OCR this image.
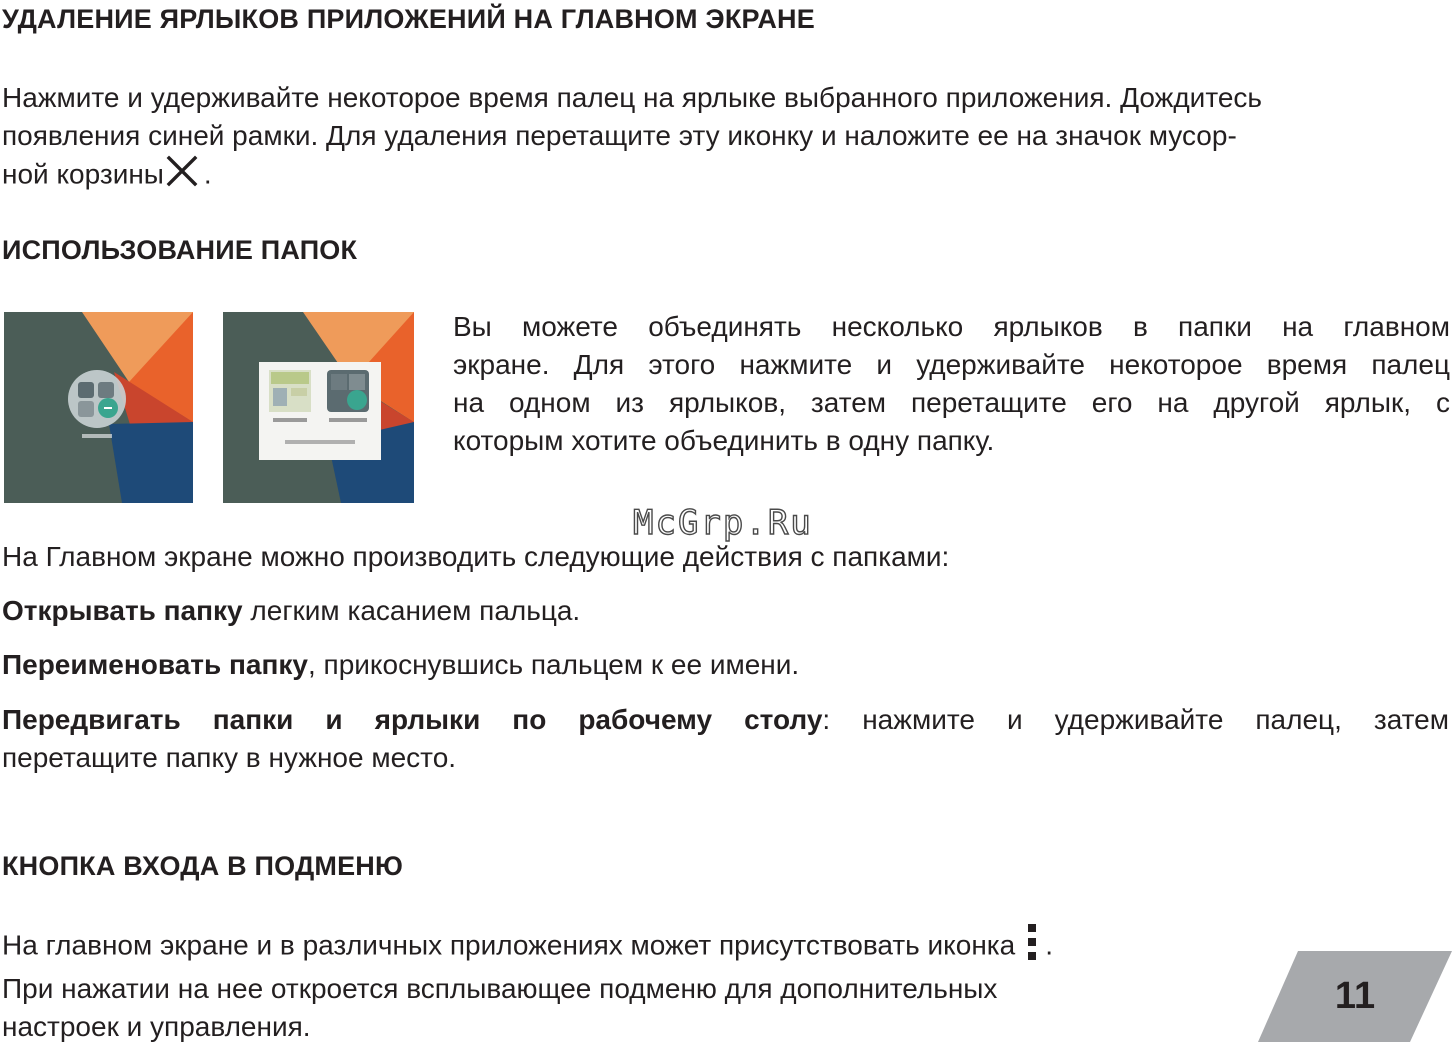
УДАЛЕНИЕ ЯРЛЫКОВ ПРИЛОЖЕНИЙ НА ГЛАВНОМ ЭКРАНЕ
Нажмите и удерживайте некоторое время палец на ярлыке выбранного приложения. Дождитесь
появления синей рамки. Для удаления перетащите эту иконку и наложите ее на значок мусор-
ной корзины .
ИСПОЛЬЗОВАНИЕ ПАПОК
Вы можете объединять несколько ярлыков в папки на главном
экране. Для этого нажмите и удерживайте некоторое время палец
на одном из ярлыков, затем перетащите его на другой ярлык, с
которым хотите объединить в одну папку.
McGrp.Ru
На Главном экране можно производить следующие действия с папками:
Открывать папку легким касанием пальца.
Переименовать папку, прикоснувшись пальцем к ее имени.
Передвигать папки и ярлыки по рабочему столу: нажмите и удерживайте палец, затем
перетащите папку в нужное место.
КНОПКА ВХОДА В ПОДМЕНЮ
На главном экране и в различных приложениях может присутствовать иконка .
При нажатии на нее откроется всплывающее подменю для дополнительных
настроек и управления.
11
